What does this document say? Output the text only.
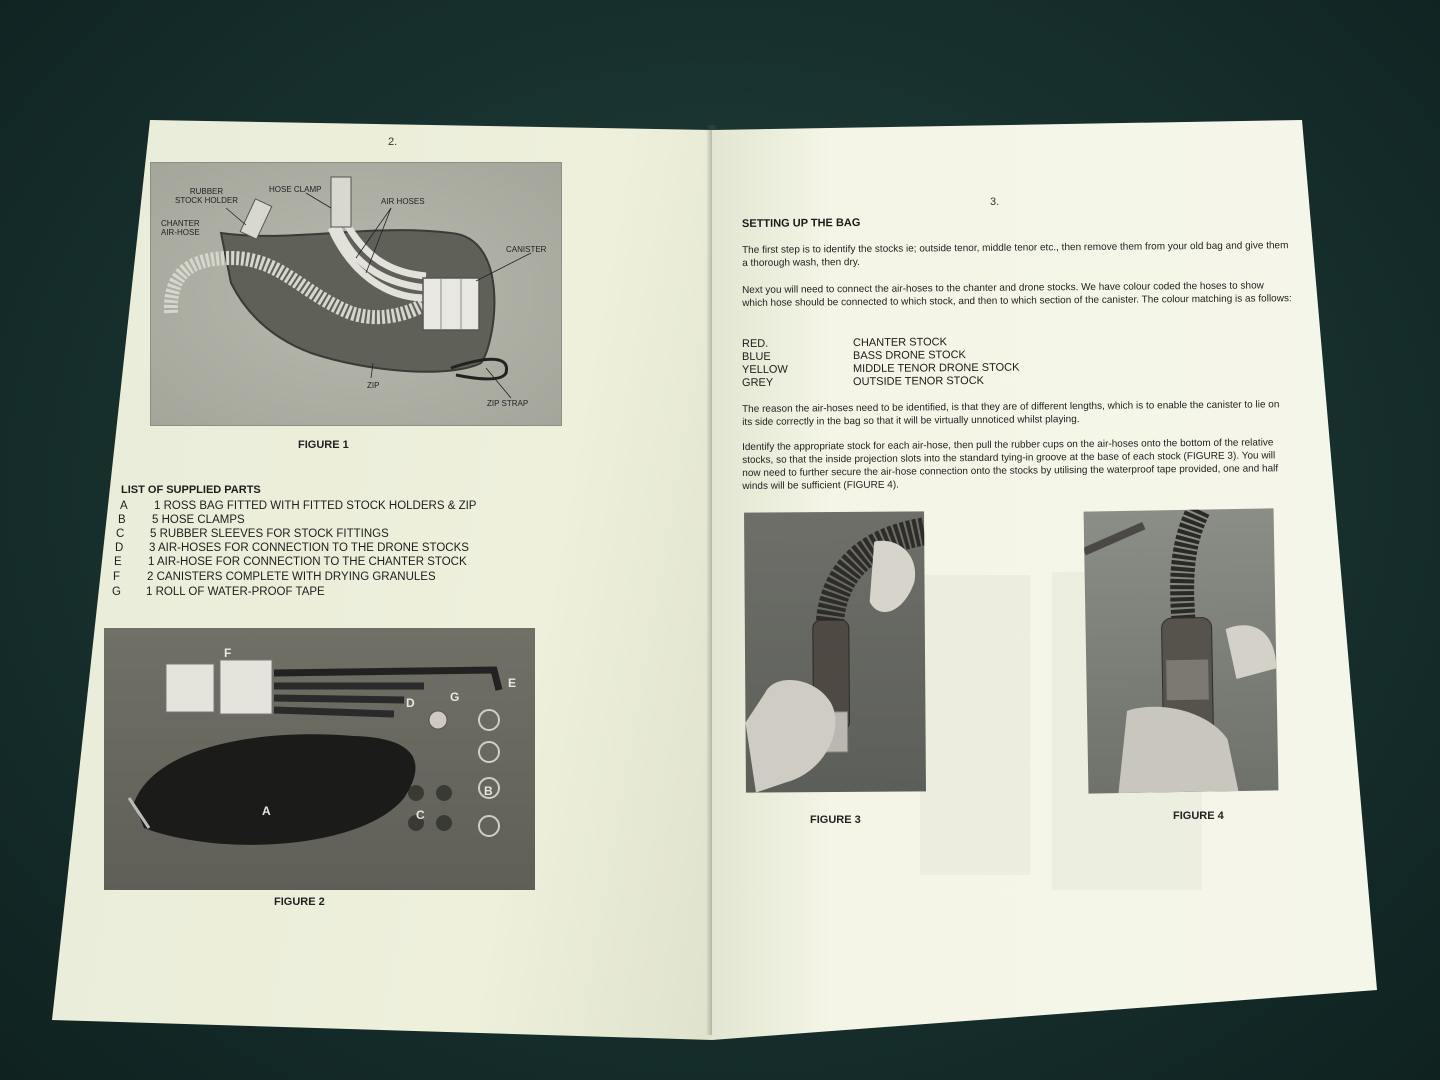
2.
RUBBER
STOCK HOLDER
HOSE CLAMP
AIR HOSES
CHANTER
AIR-HOSE
CANISTER
ZIP
ZIP STRAP
FIGURE 1
LIST OF SUPPLIED PARTS
A 1 ROSS BAG FITTED WITH FITTED STOCK HOLDERS & ZIP
B 5 HOSE CLAMPS
C 5 RUBBER SLEEVES FOR STOCK FITTINGS
D 3 AIR-HOSES FOR CONNECTION TO THE DRONE STOCKS
E 1 AIR-HOSE FOR CONNECTION TO THE CHANTER STOCK
F 2 CANISTERS COMPLETE WITH DRYING GRANULES
G 1 ROLL OF WATER-PROOF TAPE
F
E
D	G
A	C
B
FIGURE 2
3.
SETTING UP THE BAG
The first step is to identify the stocks ie; outside tenor, middle tenor etc., then remove them from your old bag and give them a thorough wash, then dry.
Next you will need to connect the air-hoses to the chanter and drone stocks. We have colour coded the hoses to show which hose should be connected to which stock, and then to which section of the canister. The colour matching is as follows:
RED.	CHANTER STOCK
BLUE	BASS DRONE STOCK
YELLOW	MIDDLE TENOR DRONE STOCK
GREY	OUTSIDE TENOR STOCK
The reason the air-hoses need to be identified, is that they are of different lengths, which is to enable the canister to lie on its side correctly in the bag so that it will be virtually unnoticed whilst playing.
Identify the appropriate stock for each air-hose, then pull the rubber cups on the air-hoses onto the bottom of the relative stocks, so that the inside projection slots into the standard tying-in groove at the base of each stock (FIGURE 3). You will now need to further secure the air-hose connection onto the stocks by utilising the waterproof tape provided, one and half winds will be sufficient (FIGURE 4).
FIGURE 3	FIGURE 4
